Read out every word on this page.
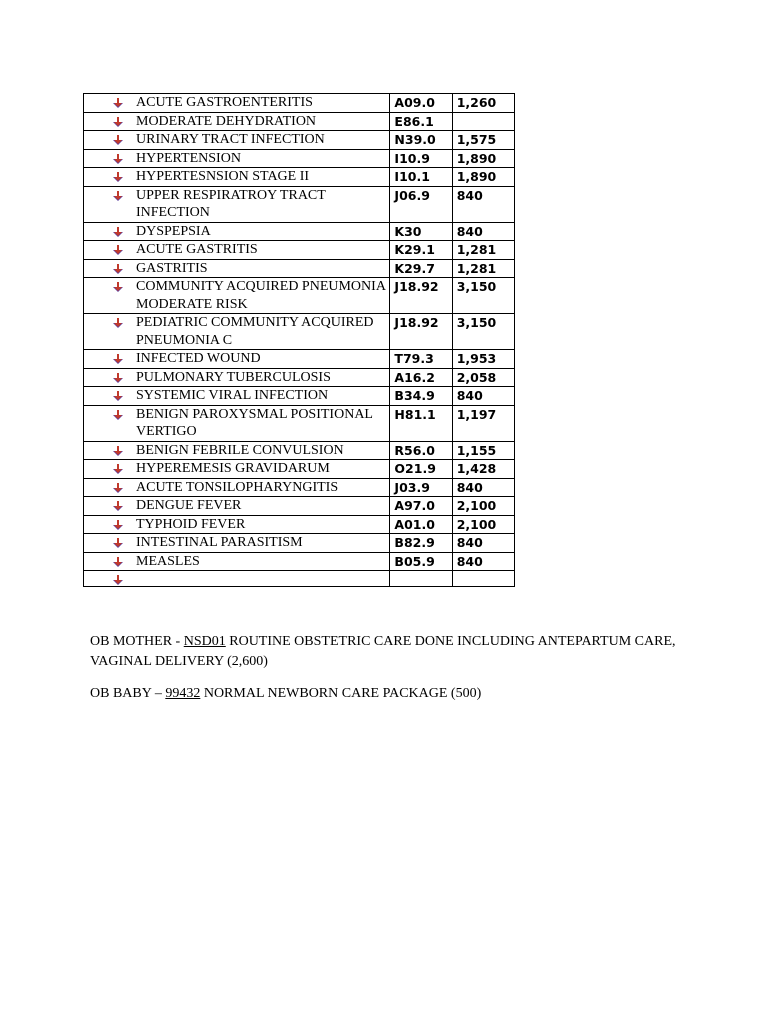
ACUTE GASTROENTERITIS	A09.0	1,260

MODERATE DEHYDRATION	E86.1	

URINARY TRACT INFECTION	N39.0	1,575

HYPERTENSION	I10.9	1,890

HYPERTESNSION STAGE II	I10.1	1,890

UPPER RESPIRATROY TRACT INFECTION	J06.9	840

DYSPEPSIA	K30	840

ACUTE GASTRITIS	K29.1	1,281

GASTRITIS	K29.7	1,281

COMMUNITY ACQUIRED PNEUMONIA MODERATE RISK	J18.92	3,150

PEDIATRIC COMMUNITY ACQUIRED PNEUMONIA C	J18.92	3,150

INFECTED WOUND	T79.3	1,953

PULMONARY TUBERCULOSIS	A16.2	2,058

SYSTEMIC VIRAL INFECTION	B34.9	840

BENIGN PAROXYSMAL POSITIONAL VERTIGO	H81.1	1,197

BENIGN FEBRILE CONVULSION	R56.0	1,155

HYPEREMESIS GRAVIDARUM	O21.9	1,428

ACUTE TONSILOPHARYNGITIS	J03.9	840

DENGUE FEVER	A97.0	2,100

TYPHOID FEVER	A01.0	2,100

INTESTINAL PARASITISM	B82.9	840

MEASLES	B05.9	840

OB MOTHER - NSD01 ROUTINE OBSTETRIC CARE DONE INCLUDING ANTEPARTUM CARE, VAGINAL DELIVERY (2,600)
OB BABY – 99432 NORMAL NEWBORN CARE PACKAGE (500)
